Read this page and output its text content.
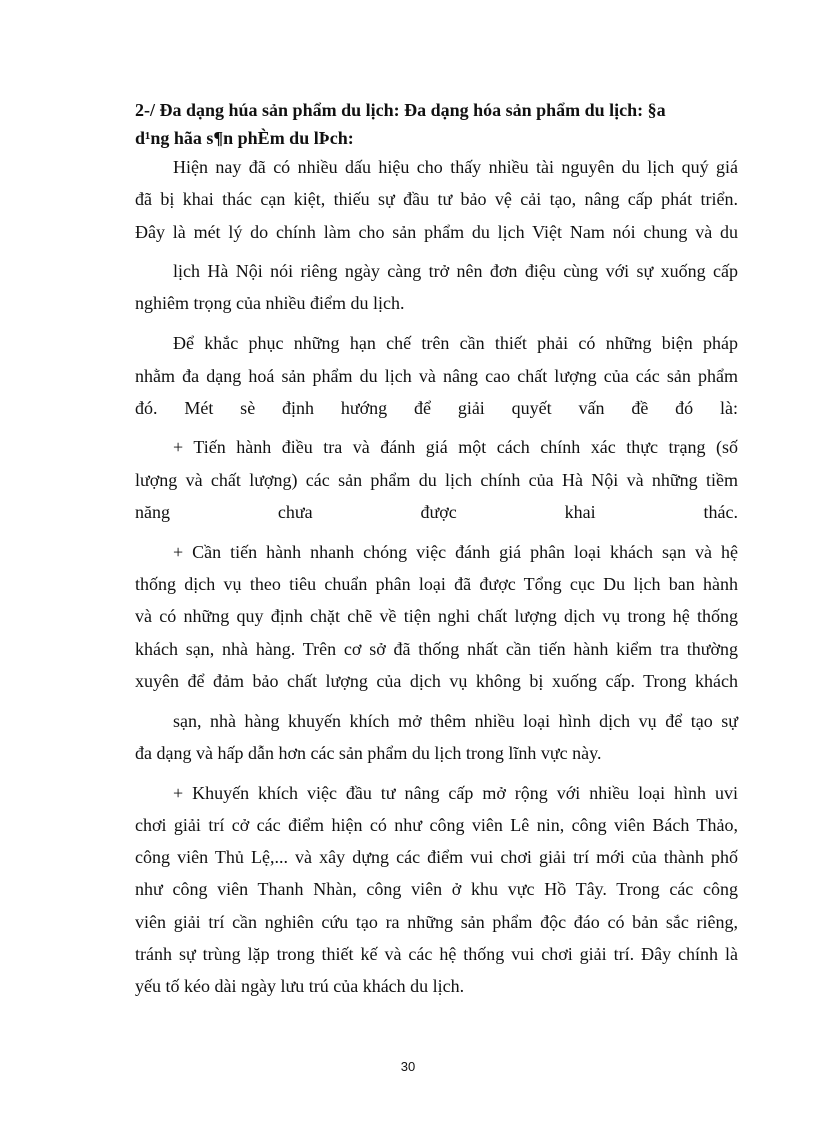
2-/ Đa dạng húa sản phẩm du lịch: Đa dạng hóa sản phẩm du lịch: §a
d¹ng hãa s¶n phÈm du lÞch:
Hiện nay đã có nhiều dấu hiệu cho thấy nhiều tài nguyên du lịch quý giá
đã bị khai thác cạn kiệt, thiếu sự đầu tư bảo vệ cải tạo, nâng cấp phát triển.
Đây là mét lý do chính làm cho sản phẩm du lịch Việt Nam nói chung và du
lịch Hà Nội nói riêng ngày càng trở nên đơn điệu cùng với sự xuống cấp
nghiêm trọng của nhiều điểm du lịch.
Để khắc phục những hạn chế trên cần thiết phải có những biện pháp
nhằm đa dạng hoá sản phẩm du lịch và nâng cao chất lượng của các sản phẩm
đó. Mét sè định hướng để giải quyết vấn đề đó là:
+ Tiến hành điều tra và đánh giá một cách chính xác thực trạng (số
lượng và chất lượng) các sản phẩm du lịch chính của Hà Nội và những tiềm
năng chưa được khai thác.
+ Cần tiến hành nhanh chóng việc đánh giá phân loại khách sạn và hệ
thống dịch vụ theo tiêu chuẩn phân loại đã được Tổng cục Du lịch ban hành
và có những quy định chặt chẽ về tiện nghi chất lượng dịch vụ trong hệ thống
khách sạn, nhà hàng. Trên cơ sở đã thống nhất cần tiến hành kiểm tra thường
xuyên để đảm bảo chất lượng của dịch vụ không bị xuống cấp. Trong khách
sạn, nhà hàng khuyến khích mở thêm nhiều loại hình dịch vụ để tạo sự
đa dạng và hấp dẫn hơn các sản phẩm du lịch trong lĩnh vực này.
+ Khuyến khích việc đầu tư nâng cấp mở rộng với nhiều loại hình uvi
chơi giải trí cở các điểm hiện có như công viên Lê nin, công viên Bách Thảo,
công viên Thủ Lệ,... và xây dựng các điểm vui chơi giải trí mới của thành phố
như công viên Thanh Nhàn, công viên ở khu vực Hồ Tây. Trong các công
viên giải trí cần nghiên cứu tạo ra những sản phẩm độc đáo có bản sắc riêng,
tránh sự trùng lặp trong thiết kế và các hệ thống vui chơi giải trí. Đây chính là
yếu tố kéo dài ngày lưu trú của khách du lịch.
30
